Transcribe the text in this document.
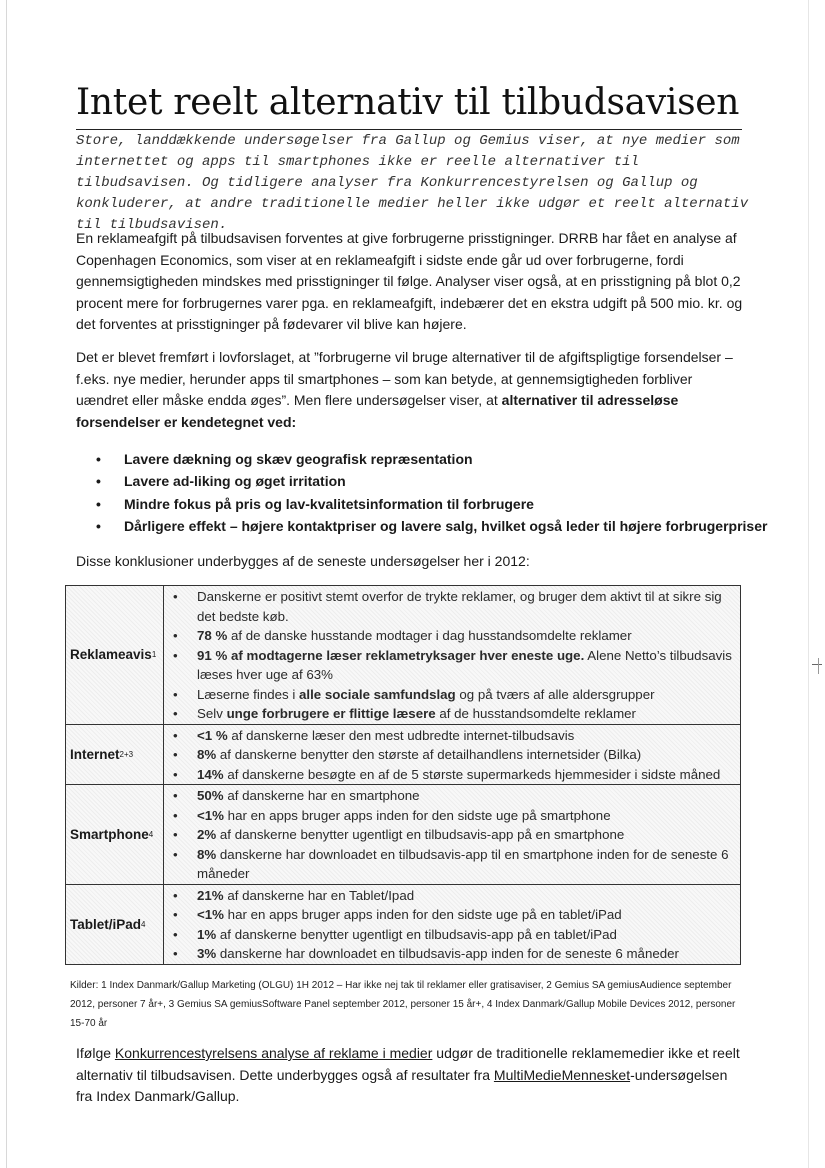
Intet reelt alternativ til tilbudsavisen

Store, landdækkende undersøgelser fra Gallup og Gemius viser, at nye medier som internettet og apps til smartphones ikke er reelle alternativer til tilbudsavisen. Og tidligere analyser fra Konkurrencestyrelsen og Gallup og konkluderer, at andre traditionelle medier heller ikke udgør et reelt alternativ til tilbudsavisen.

En reklameafgift på tilbudsavisen forventes at give forbrugerne prisstigninger. DRRB har fået en analyse af Copenhagen Economics, som viser at en reklameafgift i sidste ende går ud over forbrugerne, fordi gennemsigtigheden mindskes med prisstigninger til følge. Analyser viser også, at en prisstigning på blot 0,2 procent mere for forbrugernes varer pga. en reklameafgift, indebærer det en ekstra udgift på 500 mio. kr. og det forventes at prisstigninger på fødevarer vil blive kan højere.

Det er blevet fremført i lovforslaget, at ”forbrugerne vil bruge alternativer til de afgiftspligtige forsendelser – f.eks. nye medier, herunder apps til smartphones – som kan betyde, at gennemsigtigheden forbliver uændret eller måske endda øges”. Men flere undersøgelser viser, at alternativer til adresseløse forsendelser er kendetegnet ved:

• Lavere dækning og skæv geografisk repræsentation
• Lavere ad-liking og øget irritation
• Mindre fokus på pris og lav-kvalitetsinformation til forbrugere
• Dårligere effekt – højere kontaktpriser og lavere salg, hvilket også leder til højere forbrugerpriser

Disse konklusioner underbygges af de seneste undersøgelser her i 2012:

Reklameavis 1
• Danskerne er positivt stemt overfor de trykte reklamer, og bruger dem aktivt til at sikre sig det bedste køb.
• 78 % af de danske husstande modtager i dag husstandsomdelte reklamer
• 91 % af modtagerne læser reklametryksager hver eneste uge. Alene Netto’s tilbudsavis læses hver uge af 63%
• Læserne findes i alle sociale samfundslag og på tværs af alle aldersgrupper
• Selv unge forbrugere er flittige læsere af de husstandsomdelte reklamer
Internet 2+3
• <1 % af danskerne læser den mest udbredte internet-tilbudsavis
• 8% af danskerne benytter den største af detailhandlens internetsider (Bilka)
• 14% af danskerne besøgte en af de 5 største supermarkeds hjemmesider i sidste måned
Smartphone 4
• 50% af danskerne har en smartphone
• <1% har en apps bruger apps inden for den sidste uge på smartphone
• 2% af danskerne benytter ugentligt en tilbudsavis-app på en smartphone
• 8% danskerne har downloadet en tilbudsavis-app til en smartphone inden for de seneste 6 måneder
Tablet/iPad 4
• 21% af danskerne har en Tablet/Ipad
• <1% har en apps bruger apps inden for den sidste uge på en tablet/iPad
• 1% af danskerne benytter ugentligt en tilbudsavis-app på en tablet/iPad
• 3% danskerne har downloadet en tilbudsavis-app inden for de seneste 6 måneder

Kilder: 1 Index Danmark/Gallup Marketing (OLGU) 1H 2012 – Har ikke nej tak til reklamer eller gratisaviser, 2 Gemius SA gemiusAudience september 2012, personer 7 år+, 3 Gemius SA gemiusSoftware Panel september 2012, personer 15 år+, 4 Index Danmark/Gallup Mobile Devices 2012, personer 15-70 år

Ifølge Konkurrencestyrelsens analyse af reklame i medier udgør de traditionelle reklamemedier ikke et reelt alternativ til tilbudsavisen. Dette underbygges også af resultater fra MultiMedieMennesket-undersøgelsen fra Index Danmark/Gallup.
